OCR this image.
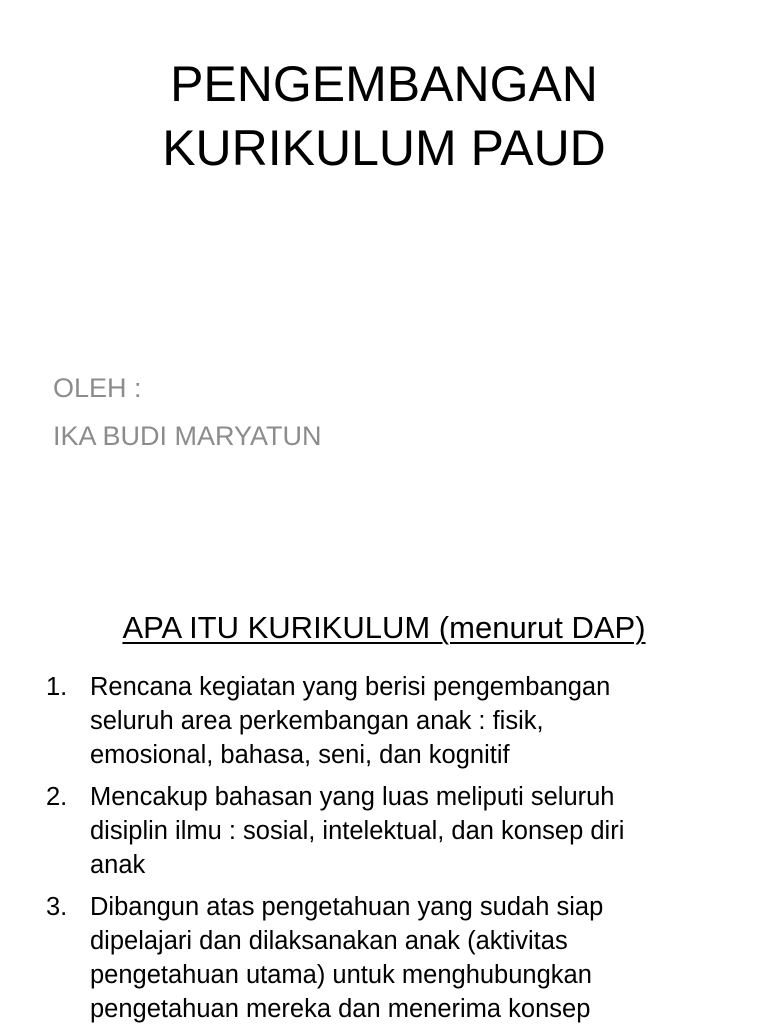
PENGEMBANGAN
KURIKULUM PAUD
OLEH :
IKA BUDI MARYATUN
APA ITU KURIKULUM (menurut DAP)
1. Rencana kegiatan yang berisi pengembangan
seluruh area perkembangan anak : fisik,
emosional, bahasa, seni, dan kognitif
2. Mencakup bahasan yang luas meliputi seluruh
disiplin ilmu : sosial, intelektual, dan konsep diri
anak
3. Dibangun atas pengetahuan yang sudah siap
dipelajari dan dilaksanakan anak (aktivitas
pengetahuan utama) untuk menghubungkan
pengetahuan mereka dan menerima konsep
